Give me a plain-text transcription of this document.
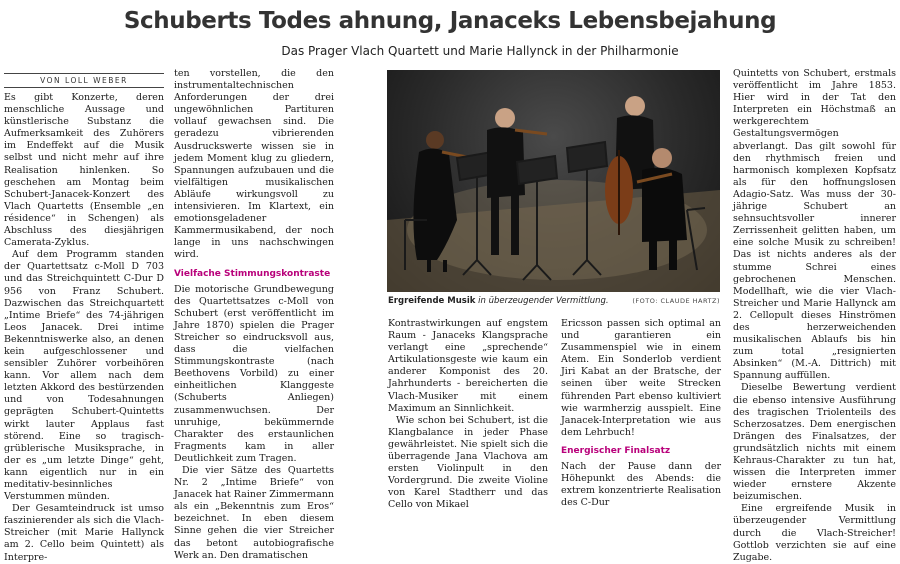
Schuberts Todes ahnung, Janaceks Lebensbejahung
Das Prager Vlach Quartett und Marie Hallynck in der Philharmonie
VON LOLL WEBER

Es gibt Konzerte, deren menschliche Aussage und künstlerische Substanz die Aufmerksamkeit des Zuhörers im Endeffekt auf die Musik selbst und nicht mehr auf ihre Realisation hinlenken. So geschehen am Montag beim Schubert-Janacek-Konzert des Vlach Quartetts (Ensemble „en résidence“ in Schengen) als Abschluss des diesjährigen Camerata-Zyklus.

Auf dem Programm standen der Quartettsatz c-Moll D 703 und das Streichquintett C-Dur D 956 von Franz Schubert. Dazwischen das Streichquartett „Intime Briefe“ des 74-jährigen Leos Janacek. Drei intime Bekenntniswerke also, an denen kein aufgeschlossener und sensibler Zuhörer vorbeihören kann. Vor allem nach dem letzten Akkord des bestürzenden und von Todesahnungen geprägten Schubert-Quintetts wirkt lauter Applaus fast störend. Eine so tragisch-grüblerische Musiksprache, in der es „um letzte Dinge“ geht, kann eigentlich nur in ein meditativ-besinnliches Verstummen münden.

Der Gesamteindruck ist umso faszinierender als sich die Vlach-Streicher (mit Marie Hallynck am 2. Cello beim Quintett) als Interpre-

ten vorstellen, die den instrumentaltechnischen Anforderungen der drei ungewöhnlichen Partituren vollauf gewachsen sind. Die geradezu vibrierenden Ausdruckswerte wissen sie in jedem Moment klug zu gliedern, Spannungen aufzubauen und die vielfältigen musikalischen Abläufe wirkungsvoll zu intensivieren. Im Klartext, ein emotionsgeladener Kammermusikabend, der noch lange in uns nachschwingen wird.

Vielfache Stimmungskontraste

Die motorische Grundbewegung des Quartettsatzes c-Moll von Schubert (erst veröffentlicht im Jahre 1870) spielen die Prager Streicher so eindrucksvoll aus, dass die vielfachen Stimmungskontraste (nach Beethovens Vorbild) zu einer einheitlichen Klanggeste (Schuberts Anliegen) zusammenwuchsen. Der unruhige, bekümmernde Charakter des erstaunlichen Fragments kam in aller Deutlichkeit zum Tragen.

Die vier Sätze des Quartetts Nr. 2 „Intime Briefe“ von Janacek hat Rainer Zimmermann als ein „Bekenntnis zum Eros“ bezeichnet. In eben diesem Sinne gehen die vier Streicher das betont autobiografische Werk an. Den dramatischen

Ergreifende Musik in überzeugender Vermittlung.	(FOTO: CLAUDE HARTZ)

Kontrastwirkungen auf engstem Raum - Janaceks Klangsprache verlangt eine „sprechende“ Artikulationsgeste wie kaum ein anderer Komponist des 20. Jahrhunderts - bereicherten die Vlach-Musiker mit einem Maximum an Sinnlichkeit.

Wie schon bei Schubert, ist die Klangbalance in jeder Phase gewährleistet. Nie spielt sich die überragende Jana Vlachova am ersten Violinpult in den Vordergrund. Die zweite Violine von Karel Stadtherr und das Cello von Mikael

Ericsson passen sich optimal an und garantieren ein Zusammenspiel wie in einem Atem. Ein Sonderlob verdient Jiri Kabat an der Bratsche, der seinen über weite Strecken führenden Part ebenso kultiviert wie warmherzig ausspielt. Eine Janacek-Interpretation wie aus dem Lehrbuch!

Energischer Finalsatz

Nach der Pause dann der Höhepunkt des Abends: die extrem konzentrierte Realisation des C-Dur

Quintetts von Schubert, erstmals veröffentlicht im Jahre 1853. Hier wird in der Tat den Interpreten ein Höchstmaß an werkgerechtem Gestaltungsvermögen abverlangt. Das gilt sowohl für den rhythmisch freien und harmonisch komplexen Kopfsatz als für den hoffnungslosen Adagio-Satz. Was muss der 30-jährige Schubert an sehnsuchtsvoller innerer Zerrissenheit gelitten haben, um eine solche Musik zu schreiben! Das ist nichts anderes als der stumme Schrei eines gebrochenen Menschen. Modellhaft, wie die vier Vlach-Streicher und Marie Hallynck am 2. Cellopult dieses Hinströmen des herzerweichenden musikalischen Ablaufs bis hin zum total „resignierten Absinken“ (M.-A. Dittrich) mit Spannung auffüllen.

Dieselbe Bewertung verdient die ebenso intensive Ausführung des tragischen Triolenteils des Scherzosatzes. Dem energischen Drängen des Finalsatzes, der grundsätzlich nichts mit einem Kehraus-Charakter zu tun hat, wissen die Interpreten immer wieder ernstere Akzente beizumischen.

Eine ergreifende Musik in überzeugender Vermittlung durch die Vlach-Streicher! Gottlob verzichten sie auf eine Zugabe.
